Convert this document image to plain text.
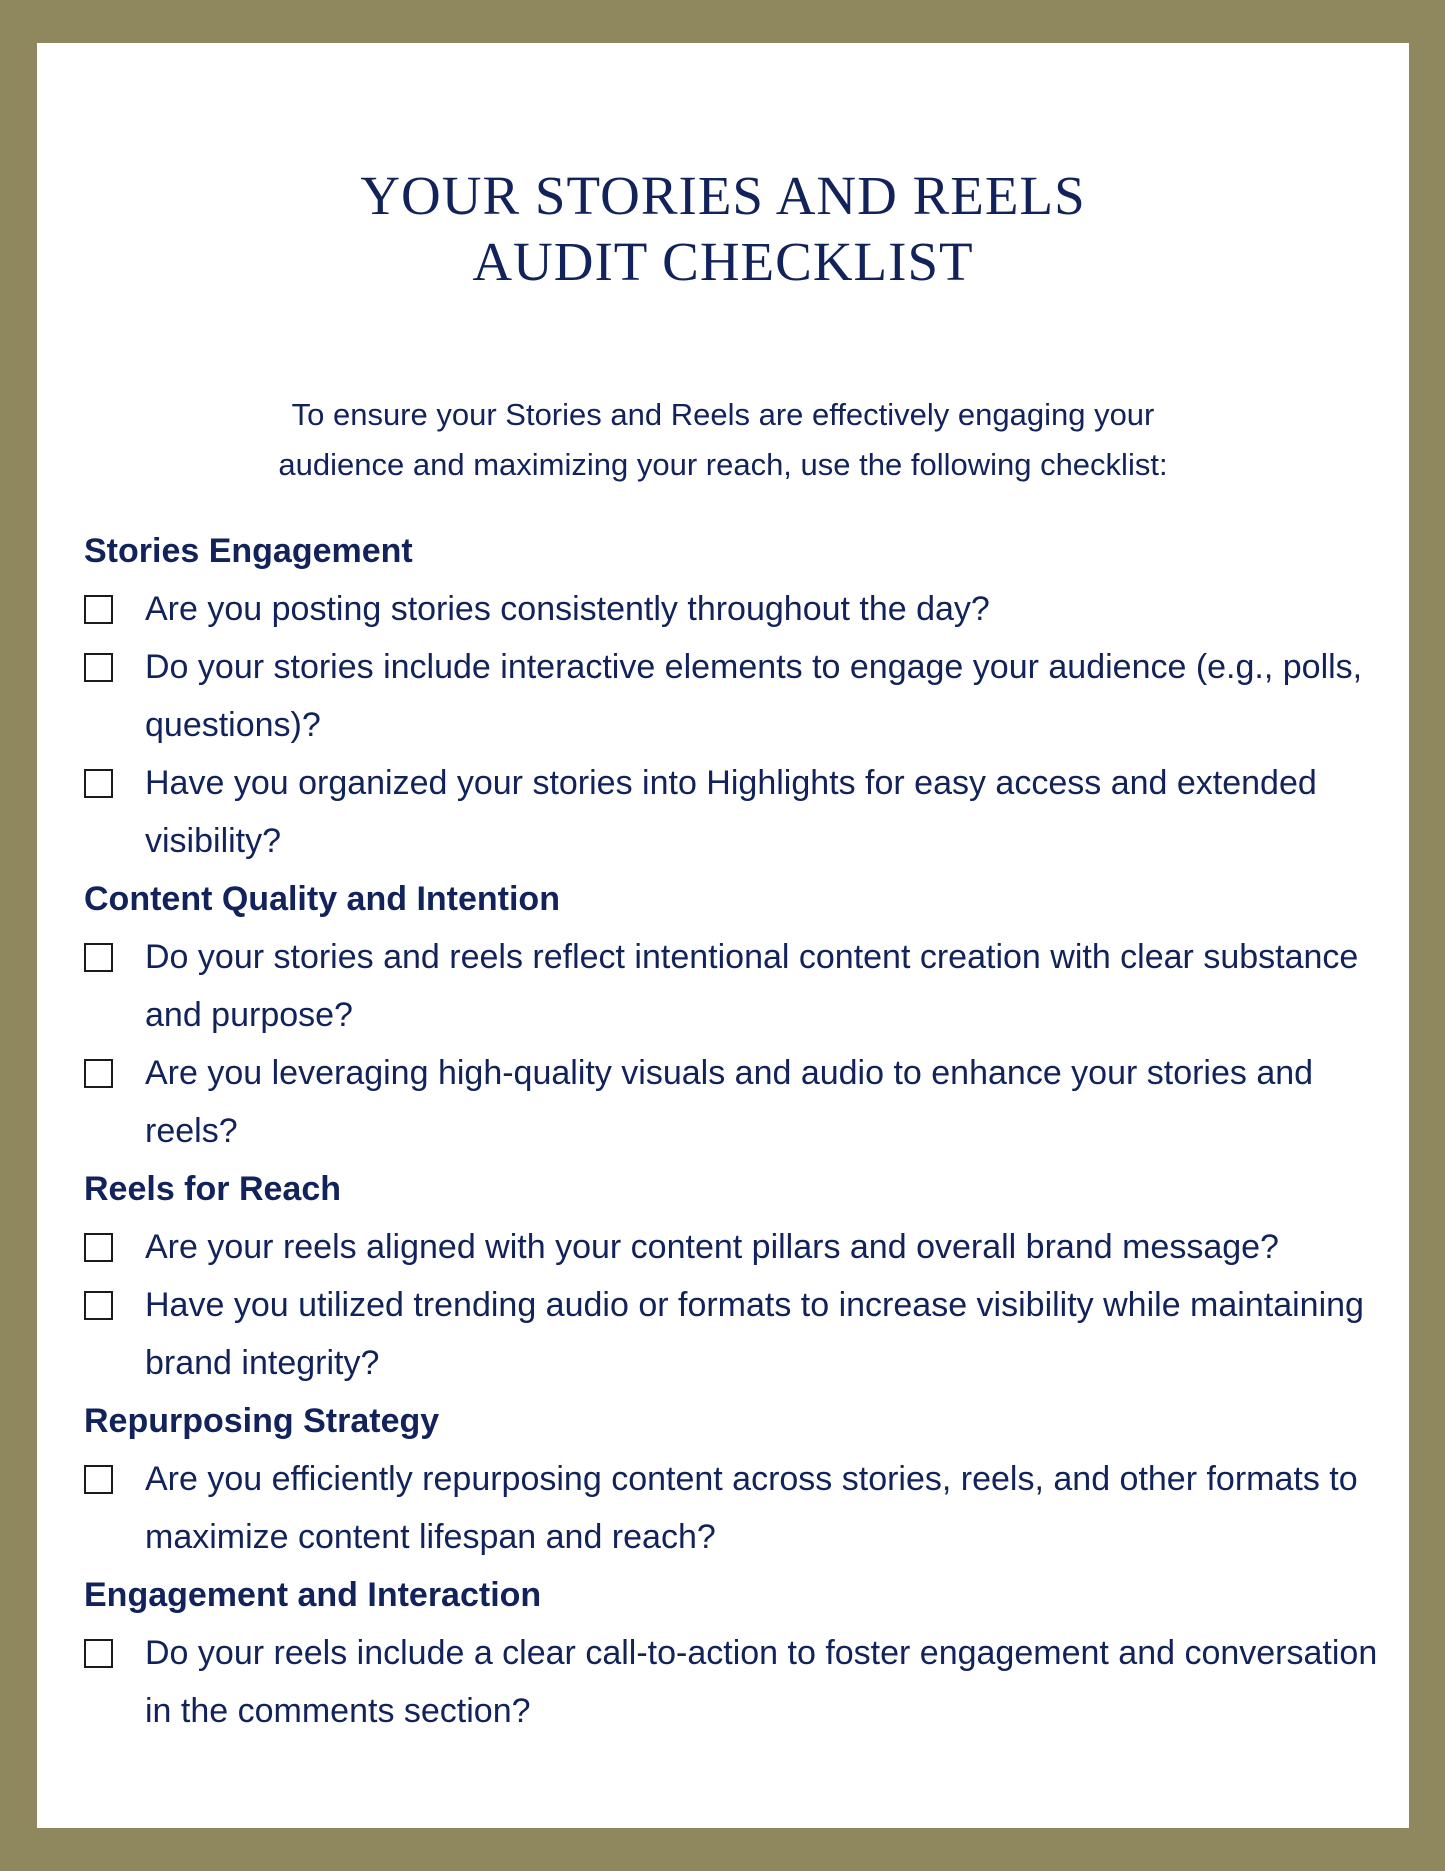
YOUR STORIES AND REELS
AUDIT CHECKLIST
To ensure your Stories and Reels are effectively engaging your
audience and maximizing your reach, use the following checklist:
Stories Engagement
Are you posting stories consistently throughout the day?
Do your stories include interactive elements to engage your audience (e.g., polls, questions)?
Have you organized your stories into Highlights for easy access and extended visibility?
Content Quality and Intention
Do your stories and reels reflect intentional content creation with clear substance and purpose?
Are you leveraging high-quality visuals and audio to enhance your stories and reels?
Reels for Reach
Are your reels aligned with your content pillars and overall brand message?
Have you utilized trending audio or formats to increase visibility while maintaining brand integrity?
Repurposing Strategy
Are you efficiently repurposing content across stories, reels, and other formats to maximize content lifespan and reach?
Engagement and Interaction
Do your reels include a clear call-to-action to foster engagement and conversation in the comments section?
